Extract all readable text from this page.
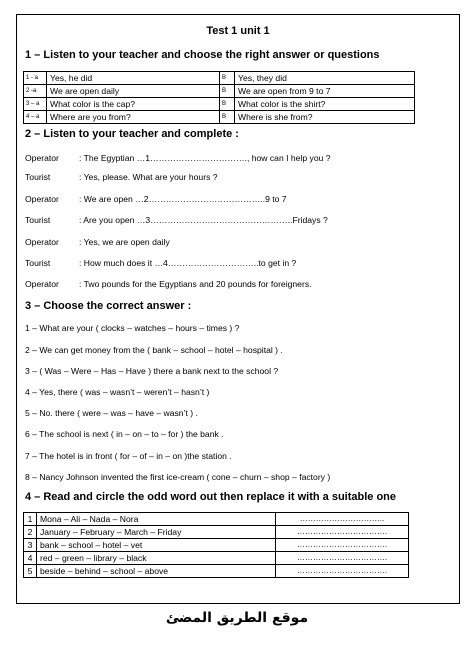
Test 1 unit 1
1 – Listen to your teacher and choose the right answer or questions
1 - a	Yes, he did	B	Yes, they did
2 -a	We are open daily	B	We are open from 9 to 7
3 – a	What color is the cap?	B	What color is the shirt?
4 – a	Where are you from?	B	Where is she from?
2 – Listen to your teacher and complete :
Operator : The Egyptian …1……………………………., how can I help you ?
Tourist	: Yes, please. What are your hours ?
Operator : We are open …2…………………………………..9 to 7
Tourist	: Are you open …3…………………………………………..Fridays ?
Operator : Yes, we are open daily
Tourist	: How much does it …4…………………………..to get in ?
Operator : Two pounds for the Egyptians and 20 pounds for foreigners.
3 – Choose the correct answer :
1 – What are your ( clocks – watches – hours – times ) ?
2 – We can get money from the ( bank – school – hotel – hospital ) .
3 – ( Was – Were – Has – Have ) there a bank next to the school ?
4 – Yes, there ( was – wasn’t – weren’t – hasn’t )
5 – No. there ( were – was – have – wasn’t ) .
6 – The school is next ( in – on – to – for ) the bank .
7 – The hotel is in front ( for – of – in – on )the station .
8 – Nancy Johnson invented the first ice-cream ( cone – churn – shop – factory )
4 – Read and circle the odd word out then replace it with a suitable one
1	Mona – Ali – Nada – Nora	…………………………..
2	January – February – March – Friday	…………………………….
3	bank – school – hotel – vet	…………………………….
4	red – green – library – black	…………………………….
5	beside – behind – school – above	…………………………….
موقع الطريق المضئ
